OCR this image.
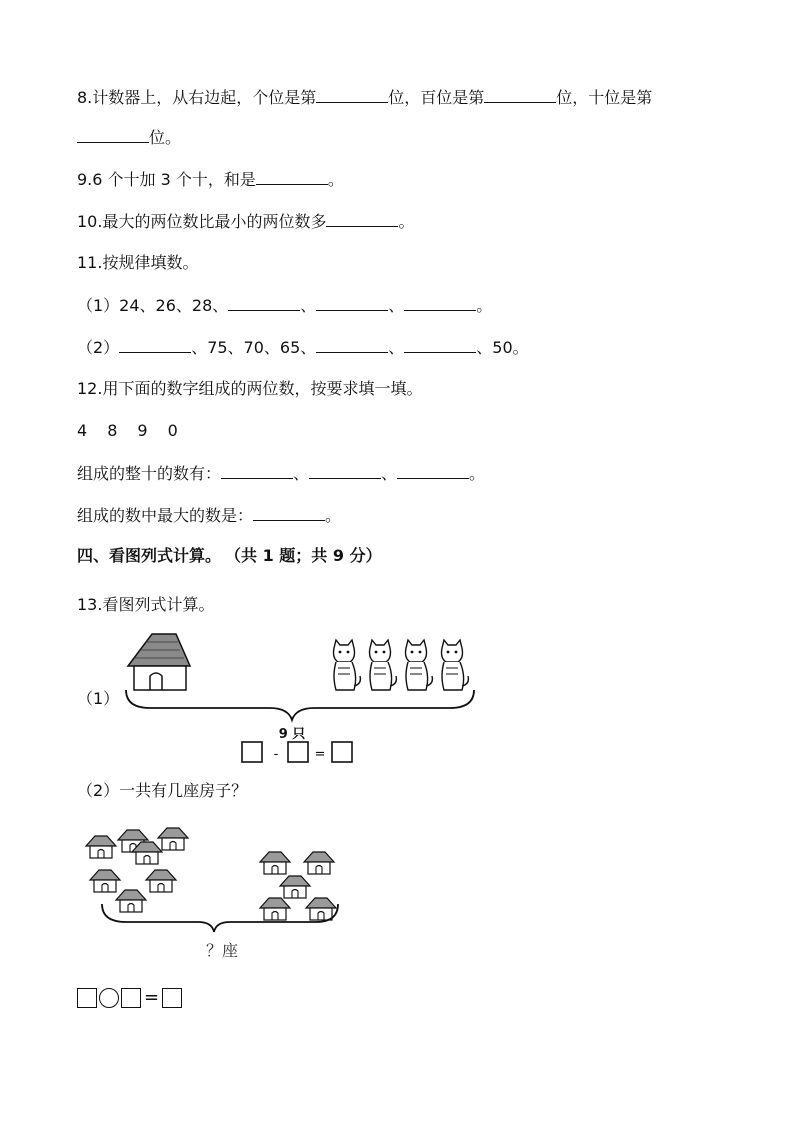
8.计数器上，从右边起，个位是第	位，百位是第	位，十位是第
位。
9.6 个十加 3 个十，和是	。
10.最大的两位数比最小的两位数多	。
11.按规律填数。
（1）24、26、28、	、	、	。
（2）	、75、70、65、	、	、50。
12.用下面的数字组成的两位数，按要求填一填。
4 8 9 0
组成的整十的数有：	、	、	。
组成的数中最大的数是：	。
四、看图列式计算。 （共 1 题；共 9 分）
13.看图列式计算。
（1）
9 只
-	=
（2）一共有几座房子？
？座
=
